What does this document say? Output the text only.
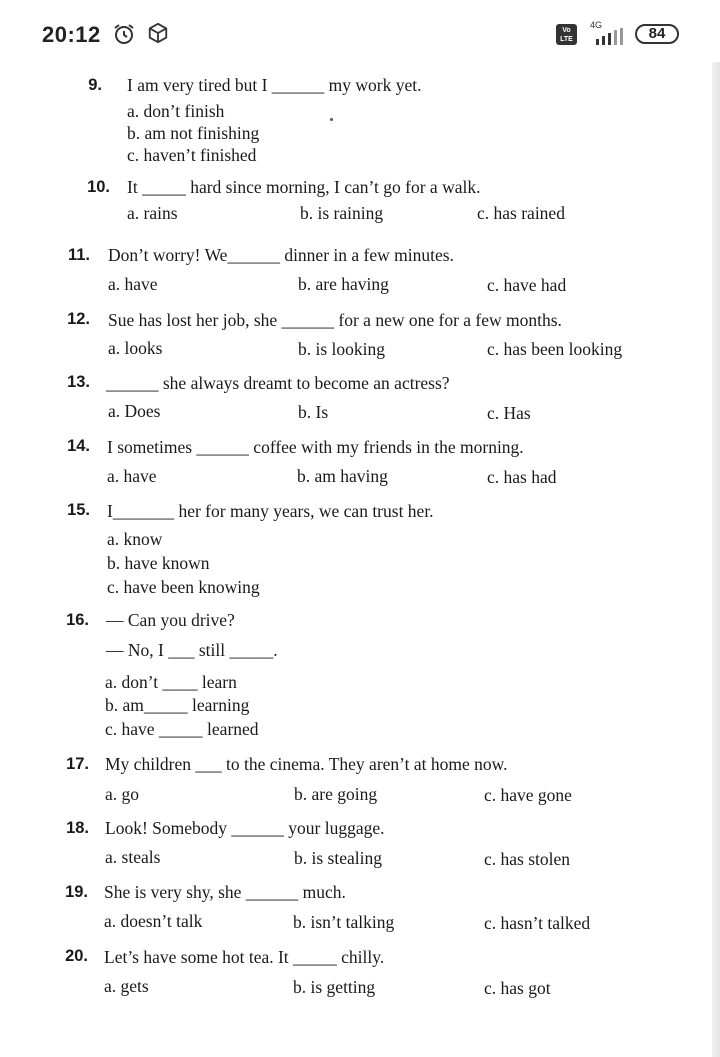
9. I am very tired but I ______ my work yet.
a. don’t finish
b. am not finishing
c. haven’t finished
10. It _____ hard since morning, I can’t go for a walk.
a. rains	b. is raining	c. has rained
11. Don’t worry! We______ dinner in a few minutes.
a. have	b. are having	c. have had
12. Sue has lost her job, she ______ for a new one for a few months.
a. looks	b. is looking	c. has been looking
13. ______ she always dreamt to become an actress?
a. Does	b. Is	c. Has
14. I sometimes ______ coffee with my friends in the morning.
a. have	b. am having	c. has had
15. I_______ her for many years, we can trust her.
a. know
b. have known
c. have been knowing
16. — Can you drive?
— No, I ___ still _____.
a. don’t ____ learn
b. am_____ learning
c. have _____ learned
17. My children ___ to the cinema. They aren’t at home now.
a. go	b. are going	c. have gone
18. Look! Somebody ______ your luggage.
a. steals	b. is stealing	c. has stolen
19. She is very shy, she ______ much.
a. doesn’t talk	b. isn’t talking	c. hasn’t talked
20. Let’s have some hot tea. It _____ chilly.
a. gets	b. is getting	c. has got
20:12	Vo LTE
4G	84
